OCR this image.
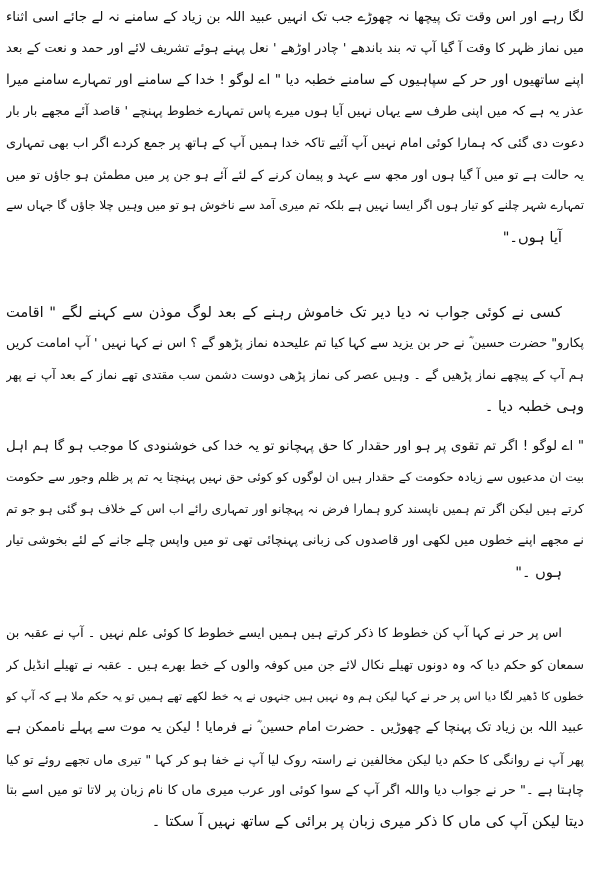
لگا رہے اور اس وقت تک پیچھا نہ چھوڑے جب تک انہیں عبید اللہ بن زیاد کے سامنے نہ لے جائے اسی اثناء
میں نماز ظہر کا وقت آ گیا آپ تہ بند باندھے ' چادر اوڑھے ' نعل پہنے ہوئے تشریف لائے اور حمد و نعت کے بعد
اپنے ساتھیوں اور حر کے سپاہیوں کے سامنے خطبہ دیا " اے لوگو ! خدا کے سامنے اور تمہارے سامنے میرا
عذر یہ ہے کہ میں اپنی طرف سے یہاں نہیں آیا ہوں میرے پاس تمہارے خطوط پہنچے ' قاصد آئے مجھے بار بار
دعوت دی گئی کہ ہمارا کوئی امام نہیں آپ آئیے تاکہ خدا ہمیں آپ کے ہاتھ پر جمع کردے اگر اب بھی تمہاری
یہ حالت ہے تو میں آ گیا ہوں اور مجھ سے عہد و پیمان کرنے کے لئے آئے ہو جن پر میں مطمئن ہو جاؤں تو میں
تمہارے شہر چلنے کو تیار ہوں اگر ایسا نہیں ہے بلکہ تم میری آمد سے ناخوش ہو تو میں وہیں چلا جاؤں گا جہاں سے
آیا ہوں۔"
کسی نے کوئی جواب نہ دیا دیر تک خاموش رہنے کے بعد لوگ موذن سے کہنے لگے " اقامت
پکارو" حضرت حسین ؓ نے حر بن یزید سے کہا کیا تم علیحدہ نماز پڑھو گے ؟ اس نے کہا نہیں ' آپ امامت کریں
ہم آپ کے پیچھے نماز پڑھیں گے ۔ وہیں عصر کی نماز پڑھی دوست دشمن سب مقتدی تھے نماز کے بعد آپ نے پھر
وہی خطبہ دیا ۔
" اے لوگو ! اگر تم تقوی پر ہو اور حقدار کا حق پہچانو تو یہ خدا کی خوشنودی کا موجب ہو گا ہم اہل
بیت ان مدعیوں سے زیادہ حکومت کے حقدار ہیں ان لوگوں کو کوئی حق نہیں پہنچتا یہ تم پر ظلم وجور سے حکومت
کرتے ہیں لیکن اگر تم ہمیں ناپسند کرو ہمارا فرض نہ پہچانو اور تمہاری رائے اب اس کے خلاف ہو گئی ہو جو تم
نے مجھے اپنے خطوں میں لکھی اور قاصدوں کی زبانی پہنچائی تھی تو میں واپس چلے جانے کے لئے بخوشی تیار
ہوں ۔"
اس پر حر نے کہا آپ کن خطوط کا ذکر کرتے ہیں ہمیں ایسے خطوط کا کوئی علم نہیں ۔ آپ نے عقبہ بن
سمعان کو حکم دیا کہ وہ دونوں تھیلے نکال لائے جن میں کوفہ والوں کے خط بھرے ہیں ۔ عقبہ نے تھیلے انڈیل کر
خطوں کا ڈھیر لگا دیا اس پر حر نے کہا لیکن ہم وہ نہیں ہیں جنہوں نے یہ خط لکھے تھے ہمیں تو یہ حکم ملا ہے کہ آپ کو
عبید اللہ بن زیاد تک پہنچا کے چھوڑیں ۔ حضرت امام حسین ؓ نے فرمایا ! لیکن یہ موت سے پہلے ناممکن ہے
پھر آپ نے روانگی کا حکم دیا لیکن مخالفین نے راستہ روک لیا آپ نے خفا ہو کر کہا " تیری ماں تجھے روئے تو کیا
چاہتا ہے ۔" حر نے جواب دیا واللہ اگر آپ کے سوا کوئی اور عرب میری ماں کا نام زبان پر لاتا تو میں اسے بتا
دیتا لیکن آپ کی ماں کا ذکر میری زبان پر برائی کے ساتھ نہیں آ سکتا ۔
